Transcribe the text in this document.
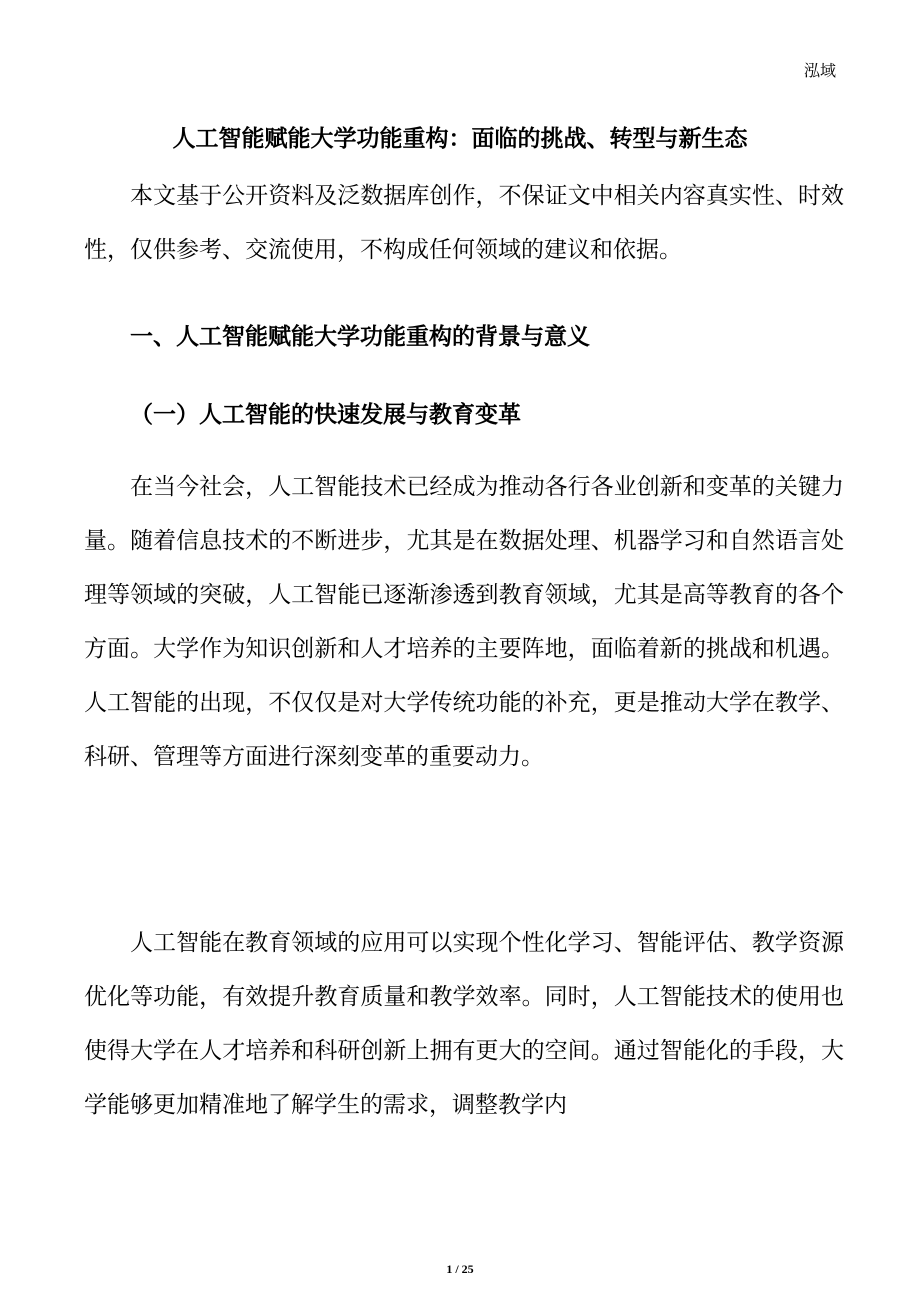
泓域
人工智能赋能大学功能重构：面临的挑战、转型与新生态

本文基于公开资料及泛数据库创作，不保证文中相关内容真实性、时效性，仅供参考、交流使用，不构成任何领域的建议和依据。

一、人工智能赋能大学功能重构的背景与意义
（一）人工智能的快速发展与教育变革

在当今社会，人工智能技术已经成为推动各行各业创新和变革的关键力量。随着信息技术的不断进步，尤其是在数据处理、机器学习和自然语言处理等领域的突破，人工智能已逐渐渗透到教育领域，尤其是高等教育的各个方面。大学作为知识创新和人才培养的主要阵地，面临着新的挑战和机遇。人工智能的出现，不仅仅是对大学传统功能的补充，更是推动大学在教学、科研、管理等方面进行深刻变革的重要动力。

人工智能在教育领域的应用可以实现个性化学习、智能评估、教学资源优化等功能，有效提升教育质量和教学效率。同时，人工智能技术的使用也使得大学在人才培养和科研创新上拥有更大的空间。通过智能化的手段，大学能够更加精准地了解学生的需求，调整教学内

1 / 25
